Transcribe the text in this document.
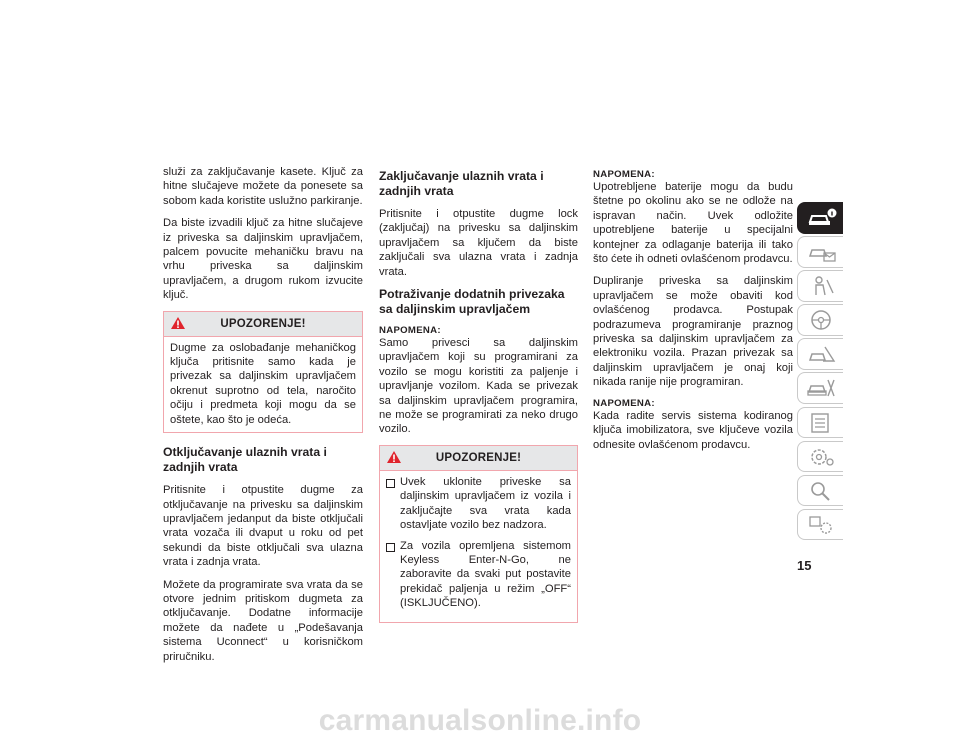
služi za zaključavanje kasete. Ključ za hitne slučajeve možete da ponesete sa sobom kada koristite uslužno parkiranje.

Da biste izvadili ključ za hitne slučajeve iz priveska sa daljinskim upravljačem, palcem povucite mehaničku bravu na vrhu priveska sa daljinskim upravljačem, a drugom rukom izvucite ključ.

UPOZORENJE!

Dugme za oslobađanje mehaničkog ključa pritisnite samo kada je privezak sa daljinskim upravljačem okrenut suprotno od tela, naročito očiju i predmeta koji mogu da se oštete, kao što je odeća.

Otključavanje ulaznih vrata i zadnjih vrata

Pritisnite i otpustite dugme za otključavanje na privesku sa daljinskim upravljačem jedanput da biste otključali vrata vozača ili dvaput u roku od pet sekundi da biste otključali sva ulazna vrata i zadnja vrata.

Možete da programirate sva vrata da se otvore jednim pritiskom dugmeta za otključavanje. Dodatne informacije možete da nađete u „Podešavanja sistema Uconnect“ u korisničkom priručniku.

Zaključavanje ulaznih vrata i zadnjih vrata

Pritisnite i otpustite dugme lock (zaključaj) na privesku sa daljinskim upravljačem sa ključem da biste zaključali sva ulazna vrata i zadnja vrata.

Potraživanje dodatnih privezaka sa daljinskim upravljačem
NAPOMENA:

Samo privesci sa daljinskim upravljačem koji su programirani za vozilo se mogu koristiti za paljenje i upravljanje vozilom. Kada se privezak sa daljinskim upravljačem programira, ne može se programirati za neko drugo vozilo.

UPOZORENJE!
Uvek uklonite priveske sa daljinskim upravljačem iz vozila i zaključajte sva vrata kada ostavljate vozilo bez nadzora.
Za vozila opremljena sistemom Keyless Enter-N-Go, ne zaboravite da svaki put postavite prekidač paljenja u režim „OFF“ (ISKLJUČENO).
NAPOMENA:

Upotrebljene baterije mogu da budu štetne po okolinu ako se ne odlože na ispravan način. Uvek odložite upotrebljene baterije u specijalni kontejner za odlaganje baterija ili tako što ćete ih odneti ovlašćenom prodavcu.

Dupliranje priveska sa daljinskim upravljačem se može obaviti kod ovlašćenog prodavca. Postupak podrazumeva programiranje praznog priveska sa daljinskim upravljačem za elektroniku vozila. Prazan privezak sa daljinskim upravljačem je onaj koji nikada ranije nije programiran.

NAPOMENA:

Kada radite servis sistema kodiranog ključa imobilizatora, sve ključeve vozila odnesite ovlašćenom prodavcu.

15
carmanualsonline.info
